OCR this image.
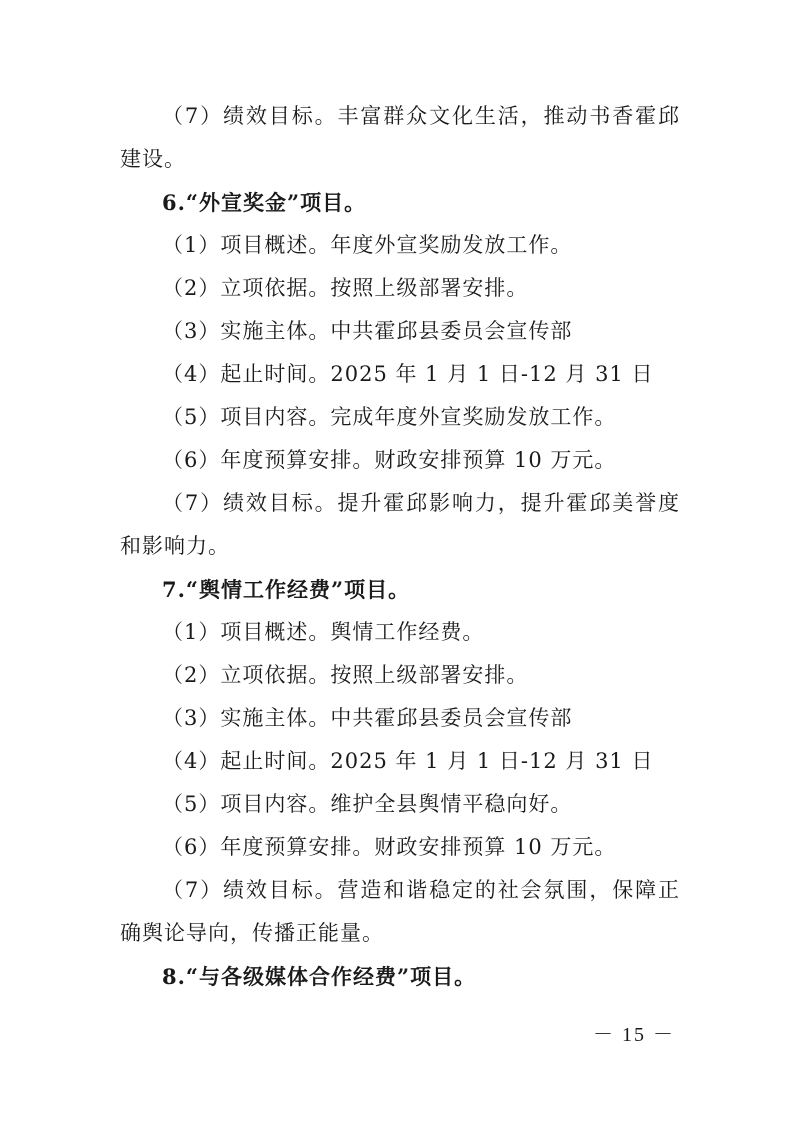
（7）绩效目标。丰富群众文化生活，推动书香霍邱建设。

6.“外宣奖金”项目。

（1）项目概述。年度外宣奖励发放工作。

（2）立项依据。按照上级部署安排。

（3）实施主体。中共霍邱县委员会宣传部

（4）起止时间。2025 年 1 月 1 日-12 月 31 日

（5）项目内容。完成年度外宣奖励发放工作。

（6）年度预算安排。财政安排预算 10 万元。

（7）绩效目标。提升霍邱影响力，提升霍邱美誉度和影响力。

7.“舆情工作经费”项目。

（1）项目概述。舆情工作经费。

（2）立项依据。按照上级部署安排。

（3）实施主体。中共霍邱县委员会宣传部

（4）起止时间。2025 年 1 月 1 日-12 月 31 日

（5）项目内容。维护全县舆情平稳向好。

（6）年度预算安排。财政安排预算 10 万元。

（7）绩效目标。营造和谐稳定的社会氛围，保障正确舆论导向，传播正能量。

8.“与各级媒体合作经费”项目。

－ 15 －
